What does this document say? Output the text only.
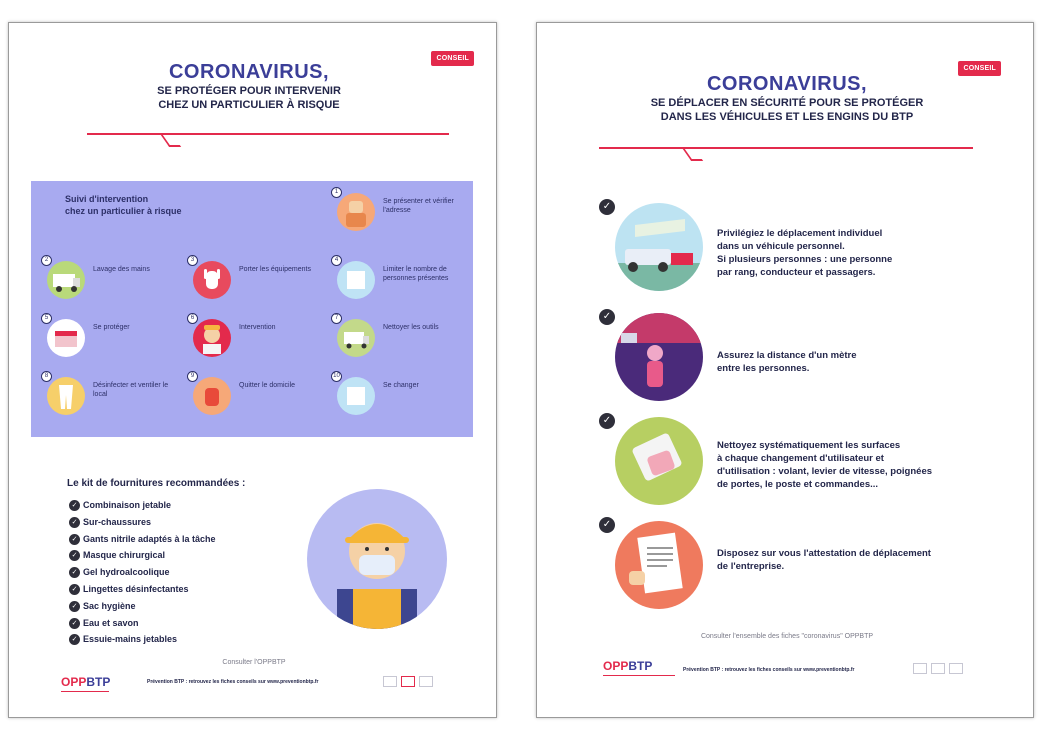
CONSEIL
CORONAVIRUS,
SE PROTÉGER POUR INTERVENIR
CHEZ UN PARTICULIER À RISQUE
Suivi d'intervention
chez un particulier à risque
1
Se présenter et vérifier l'adresse
2
Lavage des mains
3
Porter les équipements
4
Limiter le nombre de personnes présentes
5
Se protéger
6
Intervention
7
Nettoyer les outils
8
Désinfecter et ventiler le local
9
Quitter le domicile
10
Se changer
Le kit de fournitures recommandées :
✓ Combinaison jetable
✓ Sur-chaussures
✓ Gants nitrile adaptés à la tâche
✓ Masque chirurgical
✓ Gel hydroalcoolique
✓ Lingettes désinfectantes
✓ Sac hygiène
✓ Eau et savon
✓ Essuie-mains jetables
Consulter l'OPPBTP
OPPBTP	Prévention BTP : retrouvez les fiches conseils sur www.preventionbtp.fr
CONSEIL
CORONAVIRUS,
SE DÉPLACER EN SÉCURITÉ POUR SE PROTÉGER
DANS LES VÉHICULES ET LES ENGINS DU BTP
✓
Privilégiez le déplacement individuel
dans un véhicule personnel.
Si plusieurs personnes : une personne
par rang, conducteur et passagers.
✓
Assurez la distance d'un mètre
entre les personnes.
✓
Nettoyez systématiquement les surfaces
à chaque changement d'utilisateur et
d'utilisation : volant, levier de vitesse, poignées
de portes, le poste et commandes...
✓
Disposez sur vous l'attestation de déplacement
de l'entreprise.
Consulter l'ensemble des fiches "coronavirus" OPPBTP
OPPBTP	Prévention BTP : retrouvez les fiches conseils sur www.preventionbtp.fr
